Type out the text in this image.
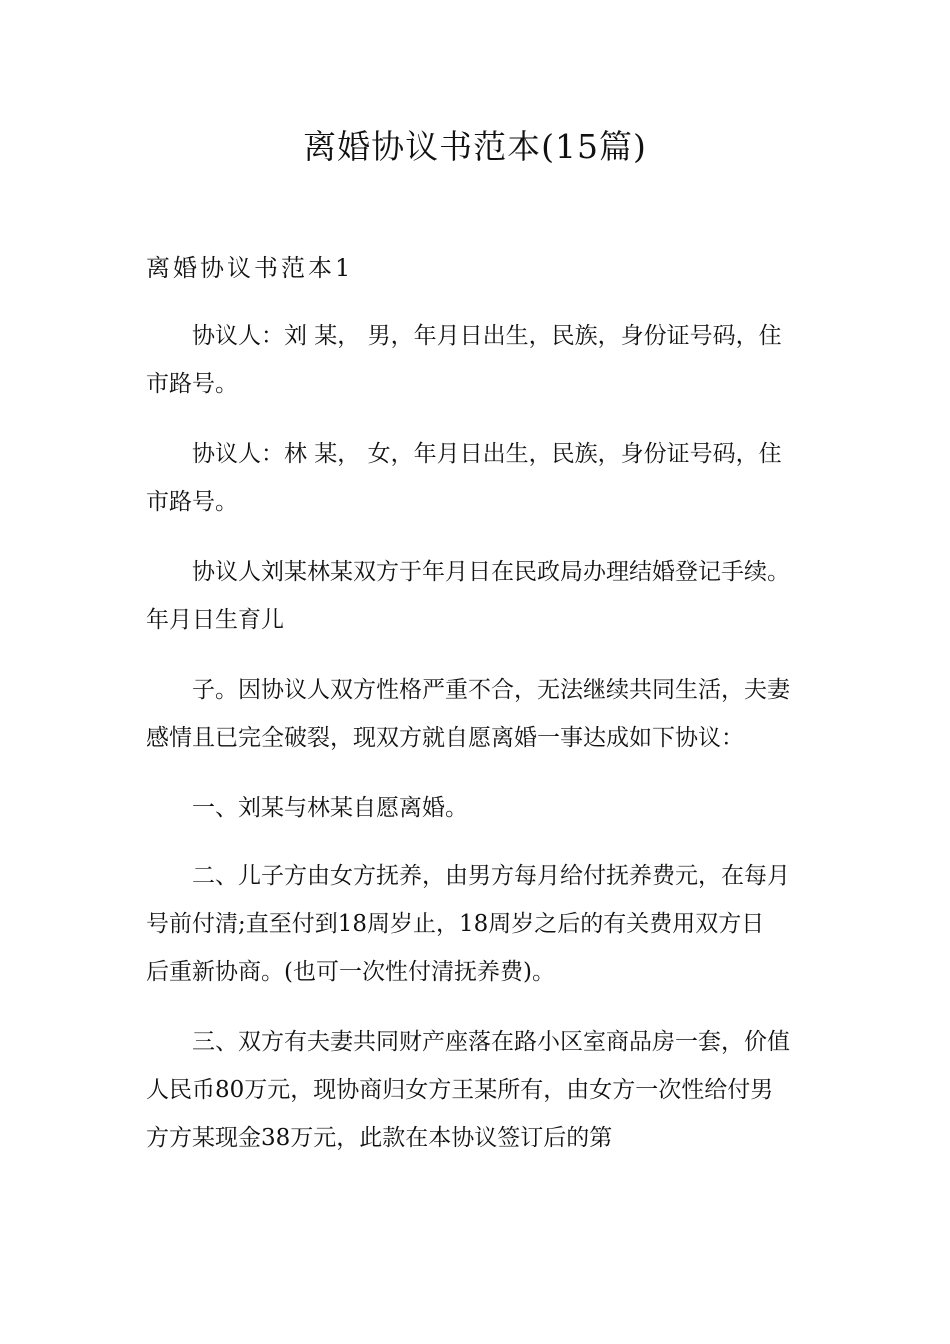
离婚协议书范本(15篇)
离婚协议书范本1

协议人：刘 某， 男，年月日出生，民族，身份证号码，住
市路号。

协议人：林 某， 女，年月日出生，民族，身份证号码，住
市路号。

协议人刘某林某双方于年月日在民政局办理结婚登记手续。
年月日生育儿

子。因协议人双方性格严重不合，无法继续共同生活，夫妻
感情且已完全破裂，现双方就自愿离婚一事达成如下协议：

一、刘某与林某自愿离婚。

二、儿子方由女方抚养，由男方每月给付抚养费元，在每月
号前付清;直至付到18周岁止，18周岁之后的有关费用双方日
后重新协商。(也可一次性付清抚养费)。

三、双方有夫妻共同财产座落在路小区室商品房一套，价值
人民币80万元，现协商归女方王某所有，由女方一次性给付男
方方某现金38万元，此款在本协议签订后的第
